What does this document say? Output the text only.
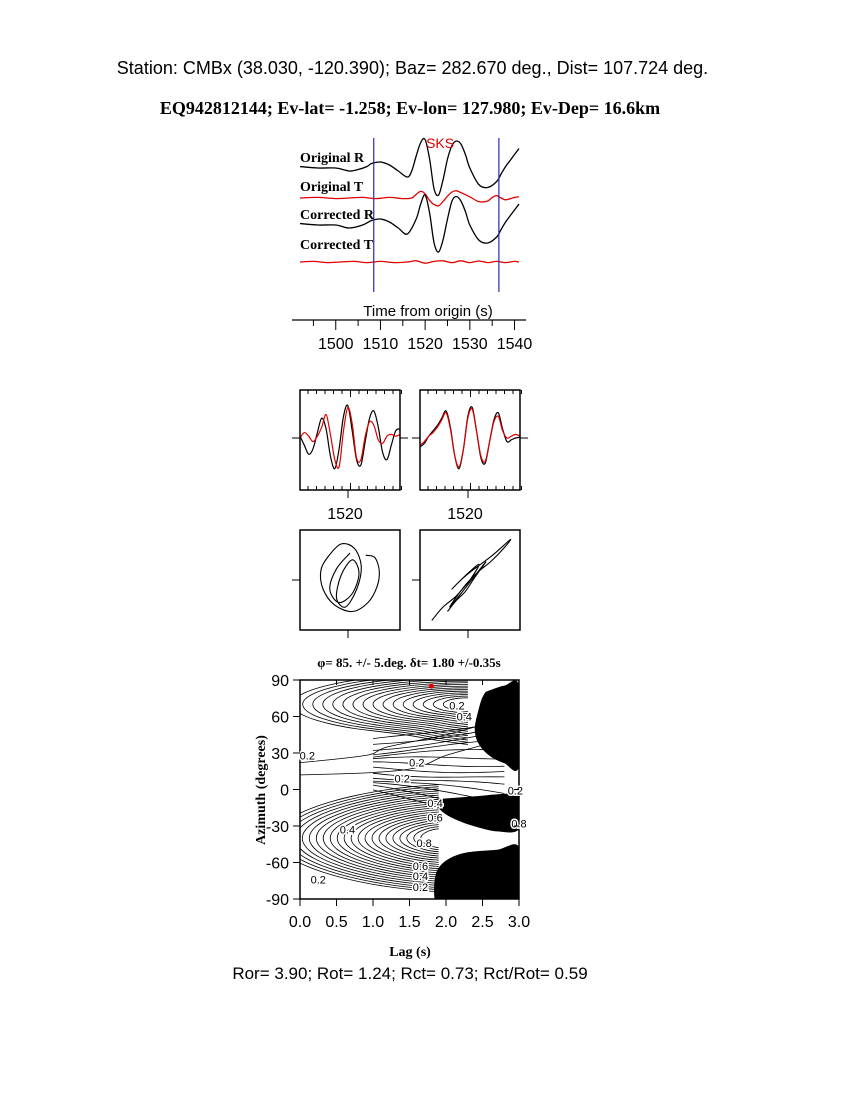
Station: CMBx (38.030, -120.390); Baz= 282.670 deg., Dist= 107.724 deg.
EQ942812144; Ev-lat= -1.258; Ev-lon= 127.980; Ev-Dep= 16.6km
Original R
Original T
Corrected R
Corrected T
SKS
Time from origin (s)
1500 1510 1520 1530 1540
1520	1520
φ= 85. +/- 5.deg. δt= 1.80 +/-0.35s
0.2
0.4
0.2
0.2
0.2
0.2
0.4
0.6
0.8
0.4
0.8
0.6
0.4
0.2
0.2
0.0 0.5 1.0 1.5 2.0 2.5 3.0
90
60
30
0
-30
-60
-90
Lag (s)
Azimuth (degrees)
Ror= 3.90; Rot= 1.24; Rct= 0.73; Rct/Rot= 0.59
